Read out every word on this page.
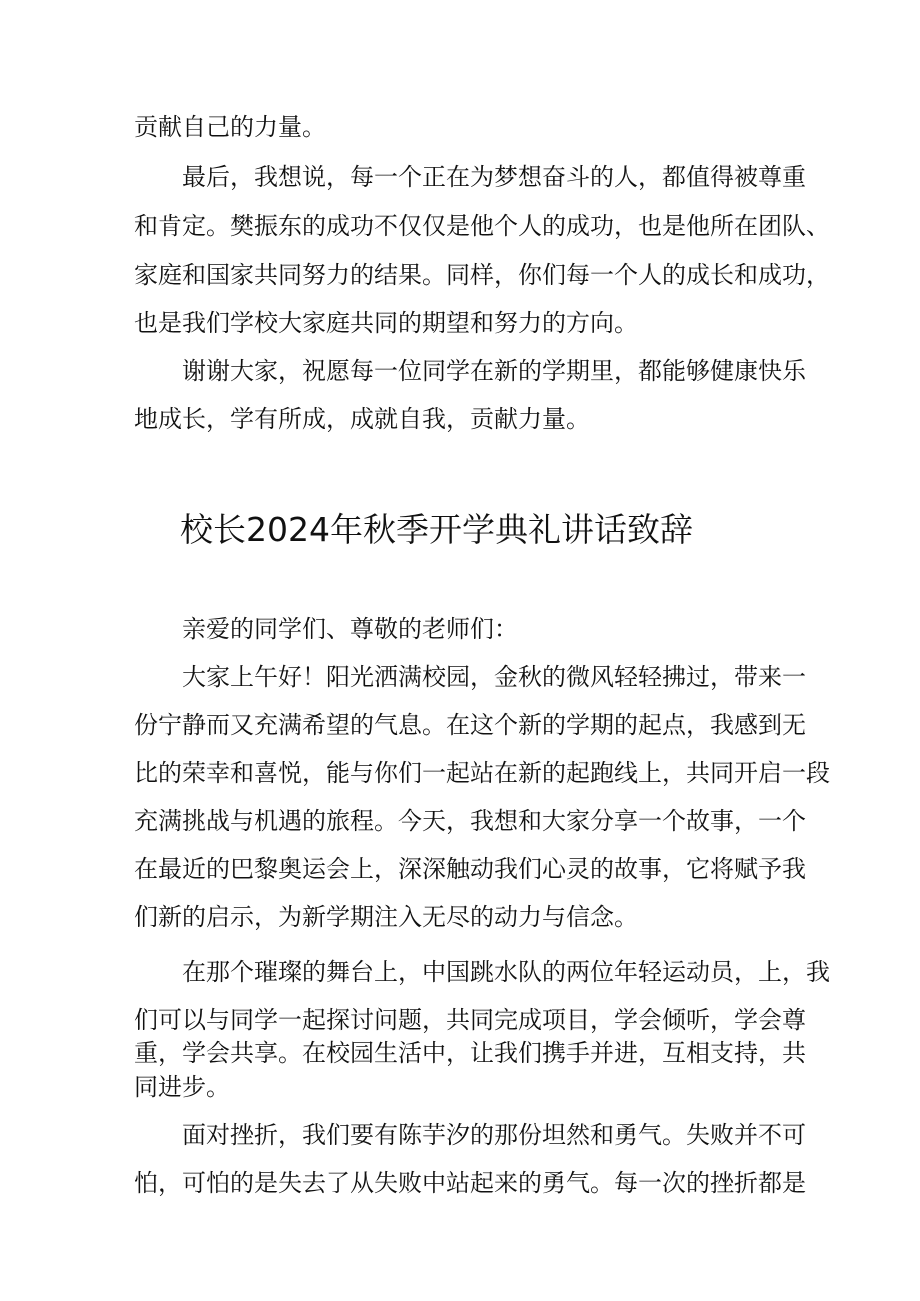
贡献自己的力量。
最后，我想说，每一个正在为梦想奋斗的人，都值得被尊重
和肯定。樊振东的成功不仅仅是他个人的成功，也是他所在团队、
家庭和国家共同努力的结果。同样，你们每一个人的成长和成功，
也是我们学校大家庭共同的期望和努力的方向。
谢谢大家，祝愿每一位同学在新的学期里，都能够健康快乐
地成长，学有所成，成就自我，贡献力量。
校长2024年秋季开学典礼讲话致辞
亲爱的同学们、尊敬的老师们：
大家上午好！阳光洒满校园，金秋的微风轻轻拂过，带来一
份宁静而又充满希望的气息。在这个新的学期的起点，我感到无
比的荣幸和喜悦，能与你们一起站在新的起跑线上，共同开启一段
充满挑战与机遇的旅程。今天，我想和大家分享一个故事，一个
在最近的巴黎奥运会上，深深触动我们心灵的故事，它将赋予我
们新的启示，为新学期注入无尽的动力与信念。
在那个璀璨的舞台上，中国跳水队的两位年轻运动员，上，我
们可以与同学一起探讨问题，共同完成项目，学会倾听，学会尊
重，学会共享。在校园生活中，让我们携手并进，互相支持，共
同进步。
面对挫折，我们要有陈芋汐的那份坦然和勇气。失败并不可
怕，可怕的是失去了从失败中站起来的勇气。每一次的挫折都是
